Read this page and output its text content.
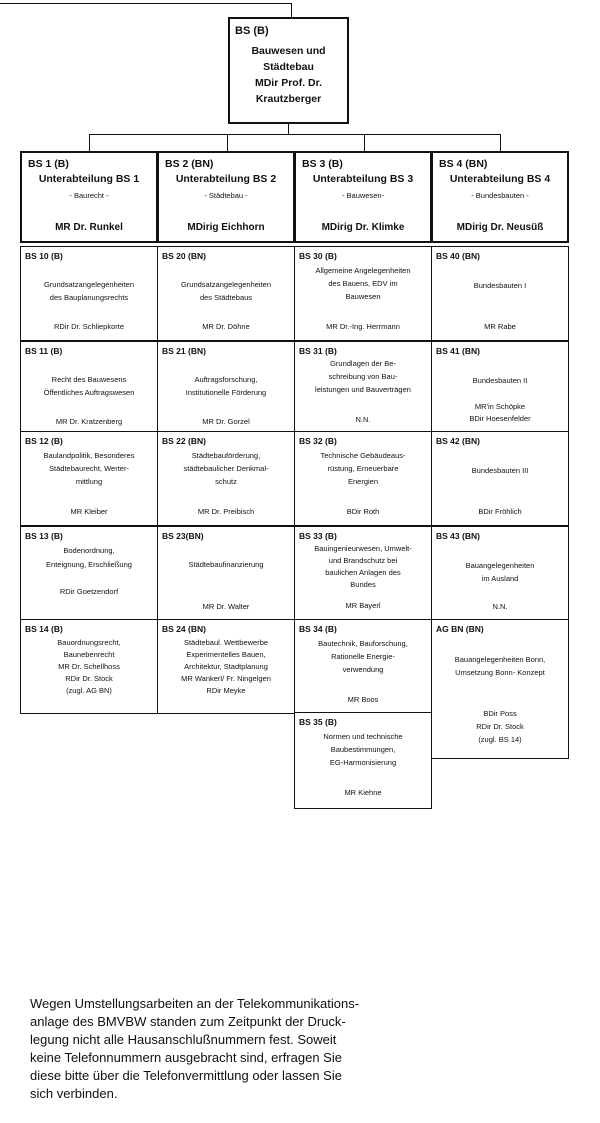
BS (B)
Bauwesen und
Städtebau
MDir Prof. Dr.
Krautzberger
BS 1 (B)
Unterabteilung BS 1
- Baurecht -
MR Dr. Runkel
BS 2 (BN)
Unterabteilung BS 2
- Städtebau -
MDirig Eichhorn
BS 3 (B)
Unterabteilung BS 3
- Bauwesen-
MDirig Dr. Klimke
BS 4 (BN)
Unterabteilung BS 4
- Bundesbauten -
MDirig Dr. Neusüß
BS 10 (B)
Grundsatzangelegenheiten
des Bauplanungsrechts
RDir Dr. Schliepkorte
BS 11 (B)
Recht des Bauwesens
Öffentliches Auftragswesen
MR Dr. Kratzenberg
BS 12 (B)
Baulandpolitik, Besonderes
Städtebaurecht, Werter-
mittlung
MR Kleiber
BS 13 (B)
Bodenordnung,
Enteignung, Erschließung
RDir Goetzendorf
BS 14 (B)
Bauordnungsrecht,
Baunebenrecht
MR Dr. Schellhoss
RDir Dr. Stock
(zugl. AG BN)
BS 20 (BN)
Grundsatzangelegenheiten
des Städtebaus
MR Dr. Döhne
BS 21 (BN)
Auftragsforschung,
Institutionelle Förderung
MR Dr. Gorzel
BS 22 (BN)
Städtebauförderung,
städtebaulicher Denkmal-
schutz
MR Dr. Preibisch
BS 23(BN)
Städtebaufinanzierung
MR Dr. Walter
BS 24 (BN)
Städtebaul. Wettbewerbe
Experimentelles Bauen,
Architektur, Stadtplanung
MR Wankerl/ Fr. Ningelgen
RDir Meyke
BS 30 (B)
Allgemeine Angelegenheiten
des Bauens, EDV im
Bauwesen
MR Dr.-Ing. Herrmann
BS 31 (B)
Grundlagen der Be-
schreibung von Bau-
leistungen und Bauverträgen
N.N.
BS 32 (B)
Technische Gebäudeaus-
rüstung, Erneuerbare
Energien
BDir Roth
BS 33 (B)
Bauingenieurwesen, Umwelt-
und Brandschutz bei
baulichen Anlagen des
Bundes
MR Bayerl
BS 34 (B)
Bautechnik, Bauforschung,
Rationelle Energie-
verwendung
MR Boos
BS 35 (B)
Normen und technische
Baubestimmungen,
EG-Harmonisierung
MR Kiehne
BS 40 (BN)
Bundesbauten I
MR Rabe
BS 41 (BN)
Bundesbauten II
MR'in Schöpke
BDir Hoesenfelder
BS 42 (BN)
Bundesbauten III
BDir Fröhlich
BS 43 (BN)
Bauangelegenheiten
im Ausland
N.N.
AG BN (BN)
Bauangelegenheiten Bonn,
Umsetzung Bonn- Konzept
BDir Poss
RDir Dr. Stock
(zugl. BS 14)
Wegen Umstellungsarbeiten an der Telekommunikations-
anlage des BMVBW standen zum Zeitpunkt der Druck-
legung nicht alle Hausanschlußnummern fest. Soweit
keine Telefonnummern ausgebracht sind, erfragen Sie
diese bitte über die Telefonvermittlung oder lassen Sie
sich verbinden.
